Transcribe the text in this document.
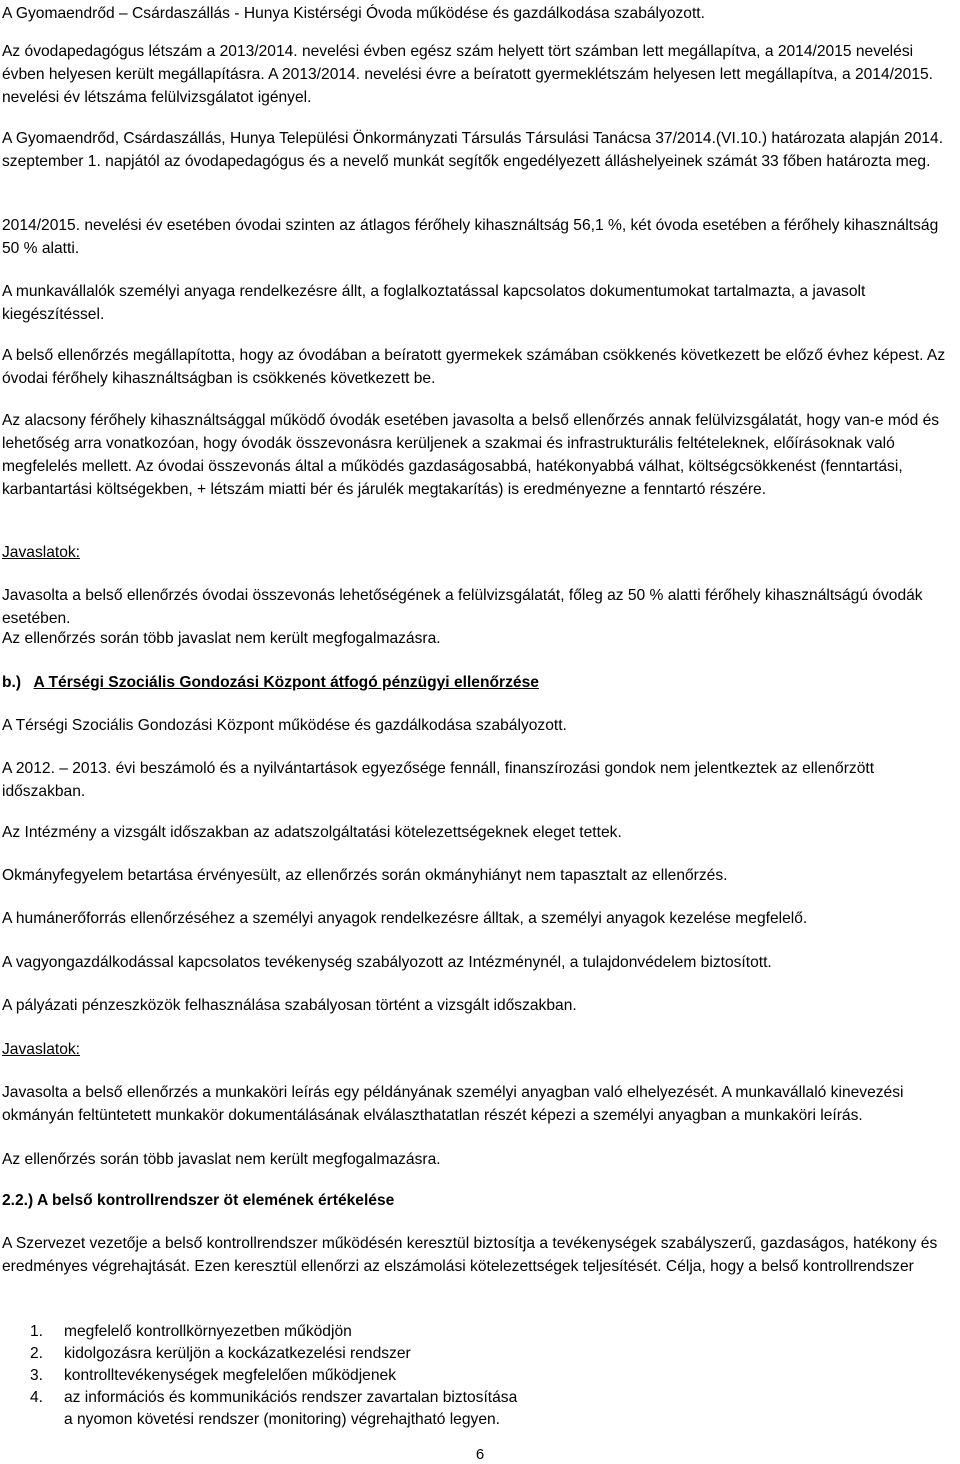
A Gyomaendrőd – Csárdaszállás - Hunya Kistérségi Óvoda működése és gazdálkodása szabályozott.

Az óvodapedagógus létszám a 2013/2014. nevelési évben egész szám helyett tört számban lett megállapítva, a 2014/2015 nevelési évben helyesen került megállapításra. A 2013/2014. nevelési évre a beíratott gyermeklétszám helyesen lett megállapítva, a 2014/2015. nevelési év létszáma felülvizsgálatot igényel.

A Gyomaendrőd, Csárdaszállás, Hunya Települési Önkormányzati Társulás Társulási Tanácsa 37/2014.(VI.10.) határozata alapján 2014. szeptember 1. napjától az óvodapedagógus és a nevelő munkát segítők engedélyezett álláshelyeinek számát 33 főben határozta meg.

2014/2015. nevelési év esetében óvodai szinten az átlagos férőhely kihasználtság 56,1 %, két óvoda esetében a férőhely kihasználtság 50 % alatti.

A munkavállalók személyi anyaga rendelkezésre állt, a foglalkoztatással kapcsolatos dokumentumokat tartalmazta, a javasolt kiegészítéssel.

A belső ellenőrzés megállapította, hogy az óvodában a beíratott gyermekek számában csökkenés következett be előző évhez képest. Az óvodai férőhely kihasználtságban is csökkenés következett be.

Az alacsony férőhely kihasználtsággal működő óvodák esetében javasolta a belső ellenőrzés annak felülvizsgálatát, hogy van-e mód és lehetőség arra vonatkozóan, hogy óvodák összevonásra kerüljenek a szakmai és infrastrukturális feltételeknek, előírásoknak való megfelelés mellett. Az óvodai összevonás által a működés gazdaságosabbá, hatékonyabbá válhat, költségcsökkenést (fenntartási, karbantartási költségekben, + létszám miatti bér és járulék megtakarítás) is eredményezne a fenntartó részére.

Javaslatok:

Javasolta a belső ellenőrzés óvodai összevonás lehetőségének a felülvizsgálatát, főleg az 50 % alatti férőhely kihasználtságú óvodák esetében.

Az ellenőrzés során több javaslat nem került megfogalmazásra.

b.) A Térségi Szociális Gondozási Központ átfogó pénzügyi ellenőrzése

A Térségi Szociális Gondozási Központ működése és gazdálkodása szabályozott.

A 2012. – 2013. évi beszámoló és a nyilvántartások egyezősége fennáll, finanszírozási gondok nem jelentkeztek az ellenőrzött időszakban.

Az Intézmény a vizsgált időszakban az adatszolgáltatási kötelezettségeknek eleget tettek.

Okmányfegyelem betartása érvényesült, az ellenőrzés során okmányhiányt nem tapasztalt az ellenőrzés.

A humánerőforrás ellenőrzéséhez a személyi anyagok rendelkezésre álltak, a személyi anyagok kezelése megfelelő.

A vagyongazdálkodással kapcsolatos tevékenység szabályozott az Intézménynél, a tulajdonvédelem biztosított.

A pályázati pénzeszközök felhasználása szabályosan történt a vizsgált időszakban.

Javaslatok:

Javasolta a belső ellenőrzés a munkaköri leírás egy példányának személyi anyagban való elhelyezését. A munkavállaló kinevezési okmányán feltüntetett munkakör dokumentálásának elválaszthatatlan részét képezi a személyi anyagban a munkaköri leírás.

Az ellenőrzés során több javaslat nem került megfogalmazásra.

2.2.) A belső kontrollrendszer öt elemének értékelése

A Szervezet vezetője a belső kontrollrendszer működésén keresztül biztosítja a tevékenységek szabályszerű, gazdaságos, hatékony és eredményes végrehajtását. Ezen keresztül ellenőrzi az elszámolási kötelezettségek teljesítését. Célja, hogy a belső kontrollrendszer

1.	megfelelő kontrollkörnyezetben működjön
2.	kidolgozásra kerüljön a kockázatkezelési rendszer
3.	kontrolltevékenységek megfelelően működjenek
4.	az információs és kommunikációs rendszer zavartalan biztosítása
a nyomon követési rendszer (monitoring) végrehajtható legyen.
6
